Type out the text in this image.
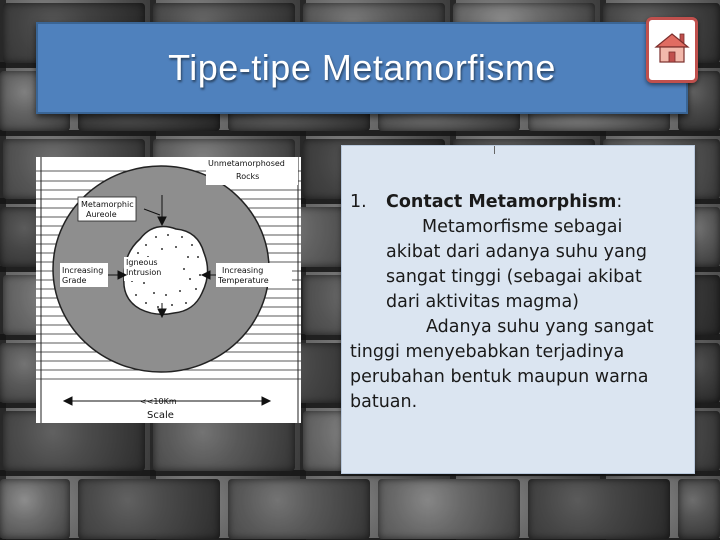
Tipe-tipe Metamorfisme
Unmetamorphosed
Rocks
Metamorphic
Aureole
Igneous
Intrusion
Increasing
Grade
Increasing
Temperature
<<10Km
Scale
1. Contact Metamorphism:
Metamorfisme sebagai
akibat dari adanya suhu yang
sangat tinggi (sebagai akibat
dari aktivitas magma)
Adanya suhu yang sangat
tinggi menyebabkan terjadinya
perubahan bentuk maupun warna
batuan.
